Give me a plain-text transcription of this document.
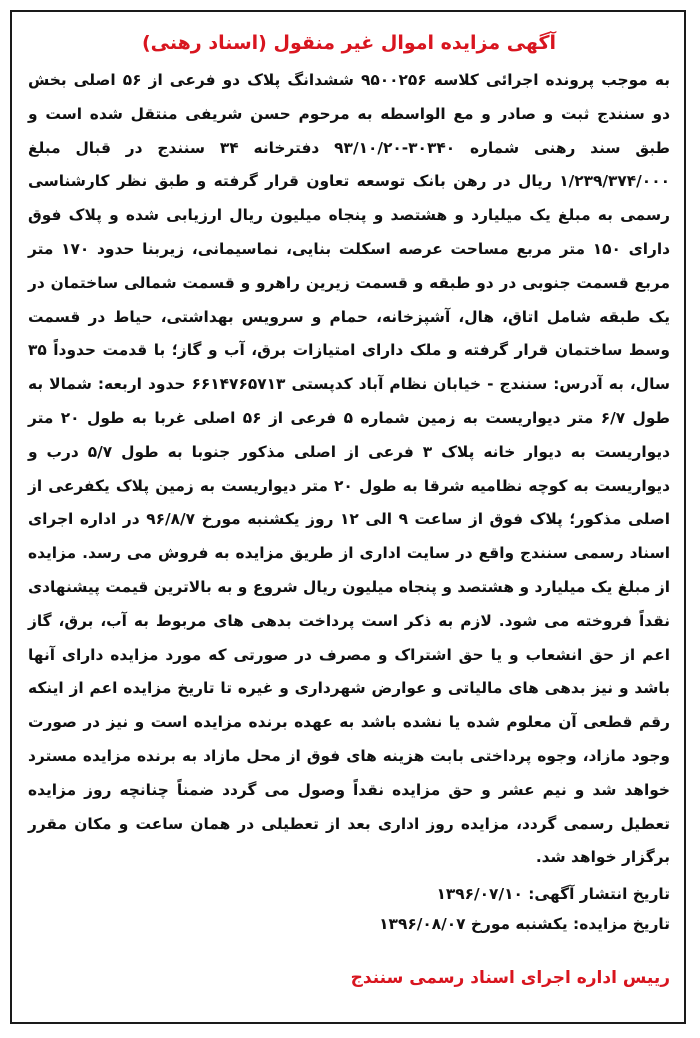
آگهی مزایده اموال غیر منقول (اسناد رهنی)

به موجب پرونده اجرائی کلاسه ۹۵۰۰۲۵۶ ششدانگ پلاک دو فرعی از ۵۶ اصلی بخش دو سنندج ثبت و صادر و مع الواسطه به مرحوم حسن شریفی منتقل شده است و طبق سند رهنی شماره ۳۰۳۴۰-۹۳/۱۰/۲۰ دفترخانه ۳۴ سنندج در قبال مبلغ ۱/۲۳۹/۳۷۴/۰۰۰ ریال در رهن بانک توسعه تعاون قرار گرفته و طبق نظر کارشناسی رسمی به مبلغ یک میلیارد و هشتصد و پنجاه میلیون ریال ارزیابی شده و پلاک فوق دارای ۱۵۰ متر مربع مساحت عرصه اسکلت بنایی، نماسیمانی، زیربنا حدود ۱۷۰ متر مربع قسمت جنوبی در دو طبقه و قسمت زیرین راهرو و قسمت شمالی ساختمان در یک طبقه شامل اتاق، هال، آشپزخانه، حمام و سرویس بهداشتی، حیاط در قسمت وسط ساختمان قرار گرفته و ملک دارای امتیازات برق، آب و گاز؛ با قدمت حدوداً ۳۵ سال، به آدرس: سنندج - خیابان نظام آباد کدپستی ۶۶۱۴۷۶۵۷۱۳ حدود اربعه: شمالا به طول ۶/۷ متر دیواریست به زمین شماره ۵ فرعی از ۵۶ اصلی غربا به طول ۲۰ متر دیواریست به دیوار خانه پلاک ۳ فرعی از اصلی مذکور جنوبا به طول ۵/۷ درب و دیواریست به کوچه نظامیه شرقا به طول ۲۰ متر دیواریست به زمین پلاک یکفرعی از اصلی مذکور؛ پلاک فوق از ساعت ۹ الی ۱۲ روز یکشنبه مورخ ۹۶/۸/۷ در اداره اجرای اسناد رسمی سنندج واقع در سایت اداری از طریق مزایده به فروش می رسد. مزایده از مبلغ یک میلیارد و هشتصد و پنجاه میلیون ریال شروع و به بالاترین قیمت پیشنهادی نقداً فروخته می شود. لازم به ذکر است پرداخت بدهی های مربوط به آب، برق، گاز اعم از حق انشعاب و یا حق اشتراک و مصرف در صورتی که مورد مزایده دارای آنها باشد و نیز بدهی های مالیاتی و عوارض شهرداری و غیره تا تاریخ مزایده اعم از اینکه رقم قطعی آن معلوم شده یا نشده باشد به عهده برنده مزایده است و نیز در صورت وجود مازاد، وجوه پرداختی بابت هزینه های فوق از محل مازاد به برنده مزایده مسترد خواهد شد و نیم عشر و حق مزایده نقداً وصول می گردد ضمناً چنانچه روز مزایده تعطیل رسمی گردد، مزایده روز اداری بعد از تعطیلی در همان ساعت و مکان مقرر برگزار خواهد شد.

تاریخ انتشار آگهی: ۱۳۹۶/۰۷/۱۰
تاریخ مزایده: یکشنبه مورخ ۱۳۹۶/۰۸/۰۷
رییس اداره اجرای اسناد رسمی سنندج
